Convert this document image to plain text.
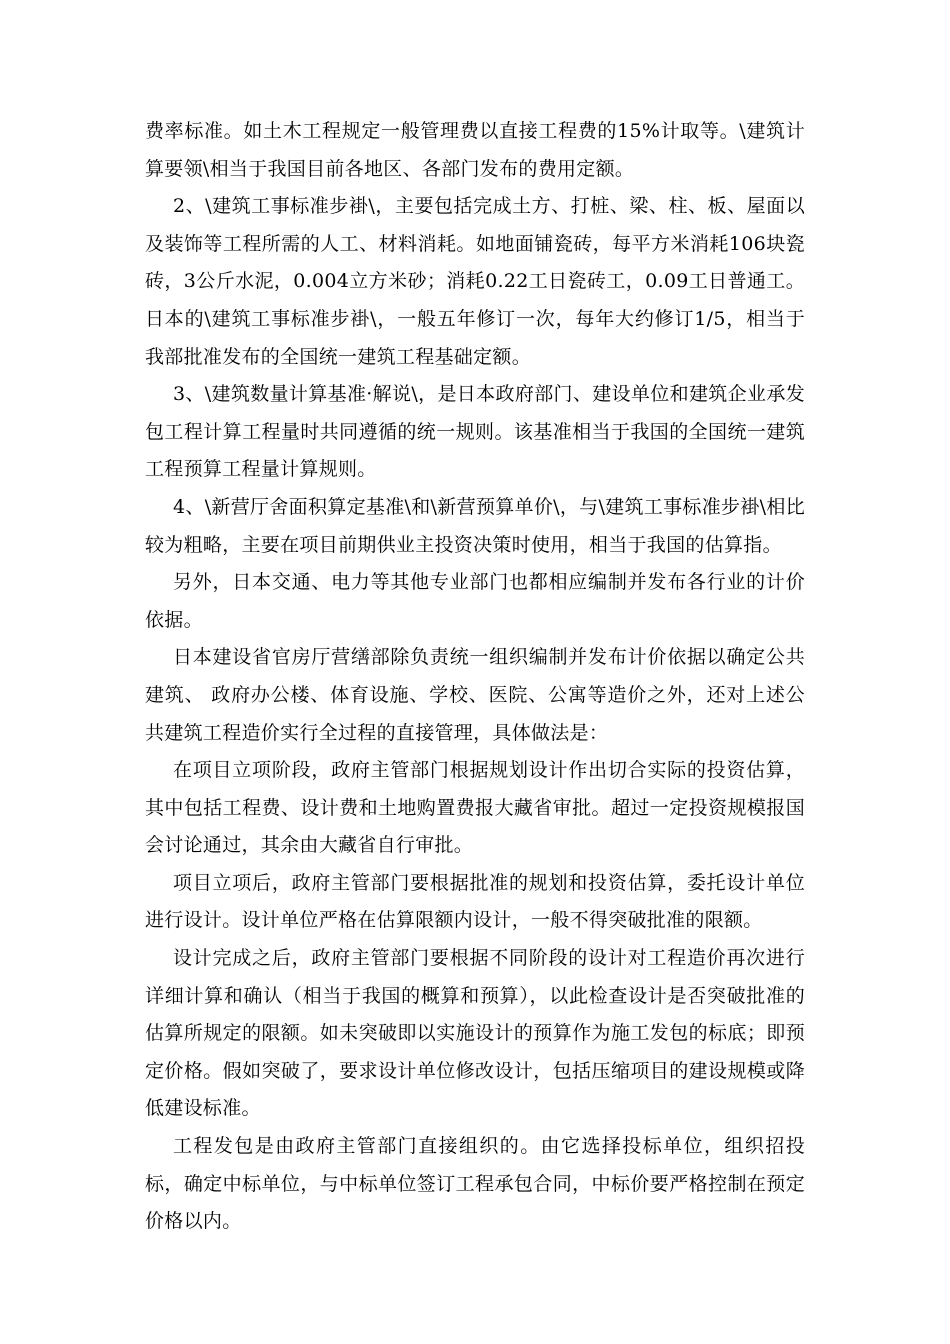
费率标准。如土木工程规定一般管理费以直接工程费的15%计取等。\建筑计算要领\相当于我国目前各地区、各部门发布的费用定额。

2、\建筑工事标准步褂\，主要包括完成土方、打桩、梁、柱、板、屋面以及装饰等工程所需的人工、材料消耗。如地面铺瓷砖，每平方米消耗106块瓷砖，3公斤水泥，0.004立方米砂；消耗0.22工日瓷砖工，0.09工日普通工。日本的\建筑工事标准步褂\，一般五年修订一次，每年大约修订1/5，相当于我部批准发布的全国统一建筑工程基础定额。

3、\建筑数量计算基准·解说\，是日本政府部门、建设单位和建筑企业承发包工程计算工程量时共同遵循的统一规则。该基准相当于我国的全国统一建筑工程预算工程量计算规则。

4、\新营厅舍面积算定基准\和\新营预算单价\，与\建筑工事标准步褂\相比较为粗略，主要在项目前期供业主投资决策时使用，相当于我国的估算指。

另外，日本交通、电力等其他专业部门也都相应编制并发布各行业的计价依据。

日本建设省官房厅营缮部除负责统一组织编制并发布计价依据以确定公共建筑、 政府办公楼、体育设施、学校、医院、公寓等造价之外，还对上述公共建筑工程造价实行全过程的直接管理，具体做法是：

在项目立项阶段，政府主管部门根据规划设计作出切合实际的投资估算，其中包括工程费、设计费和土地购置费报大藏省审批。超过一定投资规模报国会讨论通过，其余由大藏省自行审批。

项目立项后，政府主管部门要根据批准的规划和投资估算，委托设计单位进行设计。设计单位严格在估算限额内设计，一般不得突破批准的限额。

设计完成之后，政府主管部门要根据不同阶段的设计对工程造价再次进行详细计算和确认（相当于我国的概算和预算），以此检查设计是否突破批准的估算所规定的限额。如未突破即以实施设计的预算作为施工发包的标底；即预定价格。假如突破了，要求设计单位修改设计，包括压缩项目的建设规模或降低建设标准。

工程发包是由政府主管部门直接组织的。由它选择投标单位，组织招投标，确定中标单位，与中标单位签订工程承包合同，中标价要严格控制在预定价格以内。
